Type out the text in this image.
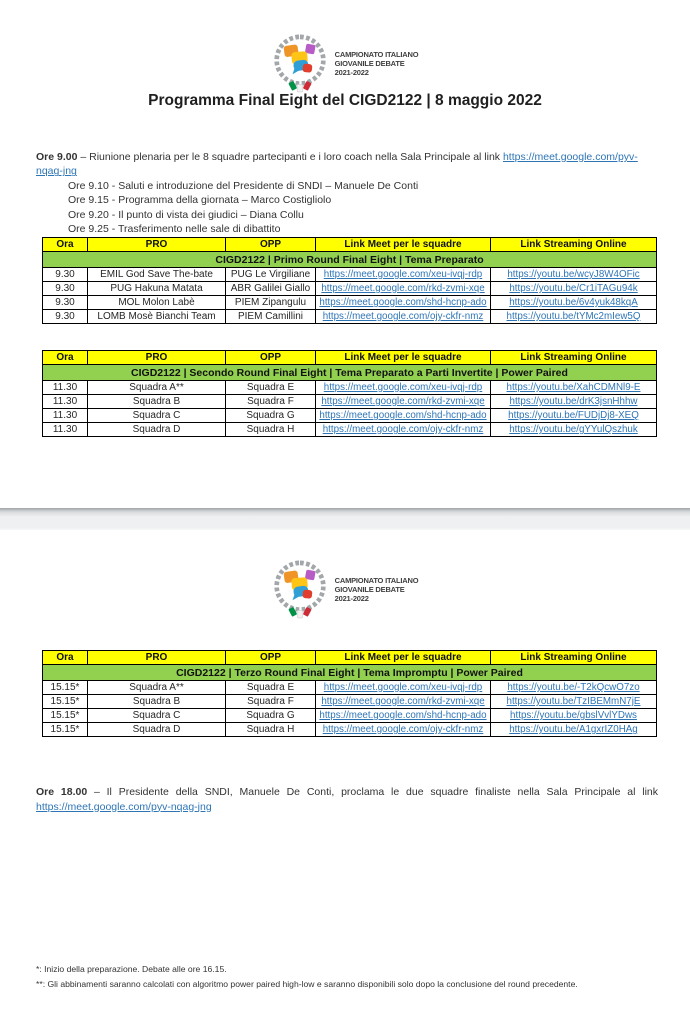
CAMPIONATO ITALIANO
GIOVANILE DEBATE
2021-2022
Programma Final Eight del CIGD2122 | 8 maggio 2022
Ore 9.00 – Riunione plenaria per le 8 squadre partecipanti e i loro coach nella Sala Principale al link https://meet.google.com/pyv-nqag-jng
Ore 9.10 - Saluti e introduzione del Presidente di SNDI – Manuele De Conti
Ore 9.15 - Programma della giornata – Marco Costigliolo
Ore 9.20 - Il punto di vista dei giudici – Diana Collu
Ore 9.25 - Trasferimento nelle sale di dibattito
CIGD2122 | Primo Round Final Eight | Tema Preparato				
Ora	PRO	OPP	Link Meet per le squadre	Link Streaming Online
9.30	EMIL God Save The-bate	PUG Le Virgiliane	https://meet.google.com/xeu-ivqj-rdp	https://youtu.be/wcyJ8W4OFic
9.30	PUG Hakuna Matata	ABR Galilei Giallo	https://meet.google.com/rkd-zvmi-xqe	https://youtu.be/Cr1iTAGu94k
9.30	MOL Molon Labè	PIEM Zipangulu	https://meet.google.com/shd-hcnp-ado	https://youtu.be/6v4yuk48kqA
9.30	LOMB Mosè Bianchi Team	PIEM Camillini	https://meet.google.com/ojy-ckfr-nmz	https://youtu.be/tYMc2mIew5Q
CIGD2122 | Secondo Round Final Eight | Tema Preparato a Parti Invertite | Power Paired				
Ora	PRO	OPP	Link Meet per le squadre	Link Streaming Online
11.30	Squadra A**	Squadra E	https://meet.google.com/xeu-ivqj-rdp	https://youtu.be/XahCDMNl9-E
11.30	Squadra B	Squadra F	https://meet.google.com/rkd-zvmi-xqe	https://youtu.be/drK3jsnHhhw
11.30	Squadra C	Squadra G	https://meet.google.com/shd-hcnp-ado	https://youtu.be/FUDjDj8-XEQ
11.30	Squadra D	Squadra H	https://meet.google.com/ojy-ckfr-nmz	https://youtu.be/gYYulQszhuk
CAMPIONATO ITALIANO
GIOVANILE DEBATE
2021-2022
CIGD2122 | Terzo Round Final Eight | Tema Impromptu | Power Paired				
Ora	PRO	OPP	Link Meet per le squadre	Link Streaming Online
15.15*	Squadra A**	Squadra E	https://meet.google.com/xeu-ivqj-rdp	https://youtu.be/-T2kQcwO7zo
15.15*	Squadra B	Squadra F	https://meet.google.com/rkd-zvmi-xqe	https://youtu.be/TzIBEMmN7jE
15.15*	Squadra C	Squadra G	https://meet.google.com/shd-hcnp-ado	https://youtu.be/gbslVvlYDws
15.15*	Squadra D	Squadra H	https://meet.google.com/ojy-ckfr-nmz	https://youtu.be/A1gxrIZ0HAg
Ore 18.00 – Il Presidente della SNDI, Manuele De Conti, proclama le due squadre finaliste nella Sala Principale al link https://meet.google.com/pyv-nqag-jng
*: Inizio della preparazione. Debate alle ore 16.15.
**: Gli abbinamenti saranno calcolati con algoritmo power paired high-low e saranno disponibili solo dopo la conclusione del round precedente.
